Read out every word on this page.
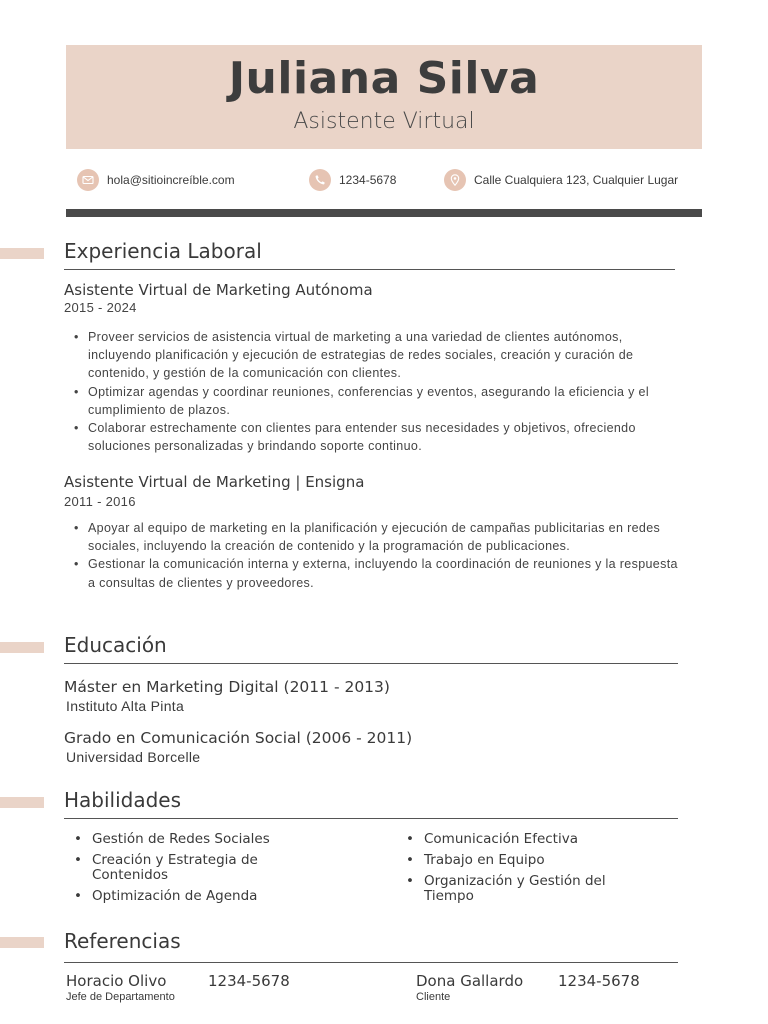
Juliana Silva
Asistente Virtual
hola@sitioincreíble.com	1234-5678	Calle Cualquiera 123, Cualquier Lugar
Experiencia Laboral
Asistente Virtual de Marketing Autónoma
2015 - 2024
• Proveer servicios de asistencia virtual de marketing a una variedad de clientes autónomos, incluyendo planificación y ejecución de estrategias de redes sociales, creación y curación de contenido, y gestión de la comunicación con clientes.
• Optimizar agendas y coordinar reuniones, conferencias y eventos, asegurando la eficiencia y el cumplimiento de plazos.
• Colaborar estrechamente con clientes para entender sus necesidades y objetivos, ofreciendo soluciones personalizadas y brindando soporte continuo.
Asistente Virtual de Marketing | Ensigna
2011 - 2016
• Apoyar al equipo de marketing en la planificación y ejecución de campañas publicitarias en redes sociales, incluyendo la creación de contenido y la programación de publicaciones.
• Gestionar la comunicación interna y externa, incluyendo la coordinación de reuniones y la respuesta a consultas de clientes y proveedores.
Educación
Máster en Marketing Digital (2011 - 2013)
Instituto Alta Pinta
Grado en Comunicación Social (2006 - 2011)
Universidad Borcelle
Habilidades
• Gestión de Redes Sociales
• Creación y Estrategia de Contenidos
• Optimización de Agenda
• Comunicación Efectiva
• Trabajo en Equipo
• Organización y Gestión del Tiempo
Referencias
Horacio Olivo	1234-5678
Jefe de Departamento
Dona Gallardo 1234-5678
Cliente
